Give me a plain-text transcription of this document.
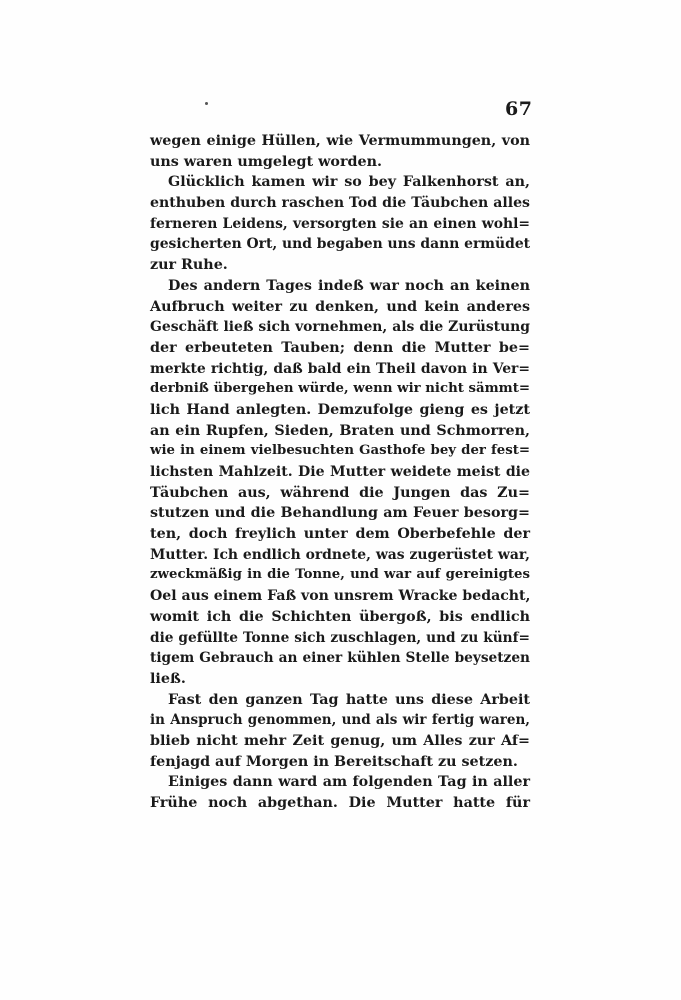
67
wegen einige Hüllen, wie Vermummungen, von
uns waren umgelegt worden.
Glücklich kamen wir so bey Falkenhorst an,
enthuben durch raschen Tod die Täubchen alles
ferneren Leidens, versorgten sie an einen wohl=
gesicherten Ort, und begaben uns dann ermüdet
zur Ruhe.
Des andern Tages indeß war noch an keinen
Aufbruch weiter zu denken, und kein anderes
Geschäft ließ sich vornehmen, als die Zurüstung
der erbeuteten Tauben; denn die Mutter be=
merkte richtig, daß bald ein Theil davon in Ver=
derbniß übergehen würde, wenn wir nicht sämmt=
lich Hand anlegten. Demzufolge gieng es jetzt
an ein Rupfen, Sieden, Braten und Schmorren,
wie in einem vielbesuchten Gasthofe bey der fest=
lichsten Mahlzeit. Die Mutter weidete meist die
Täubchen aus, während die Jungen das Zu=
stutzen und die Behandlung am Feuer besorg=
ten, doch freylich unter dem Oberbefehle der
Mutter. Ich endlich ordnete, was zugerüstet war,
zweckmäßig in die Tonne, und war auf gereinigtes
Oel aus einem Faß von unsrem Wracke bedacht,
womit ich die Schichten übergoß, bis endlich
die gefüllte Tonne sich zuschlagen, und zu künf=
tigem Gebrauch an einer kühlen Stelle beysetzen
ließ.
Fast den ganzen Tag hatte uns diese Arbeit
in Anspruch genommen, und als wir fertig waren,
blieb nicht mehr Zeit genug, um Alles zur Af=
fenjagd auf Morgen in Bereitschaft zu setzen.
Einiges dann ward am folgenden Tag in aller
Frühe noch abgethan. Die Mutter hatte für
